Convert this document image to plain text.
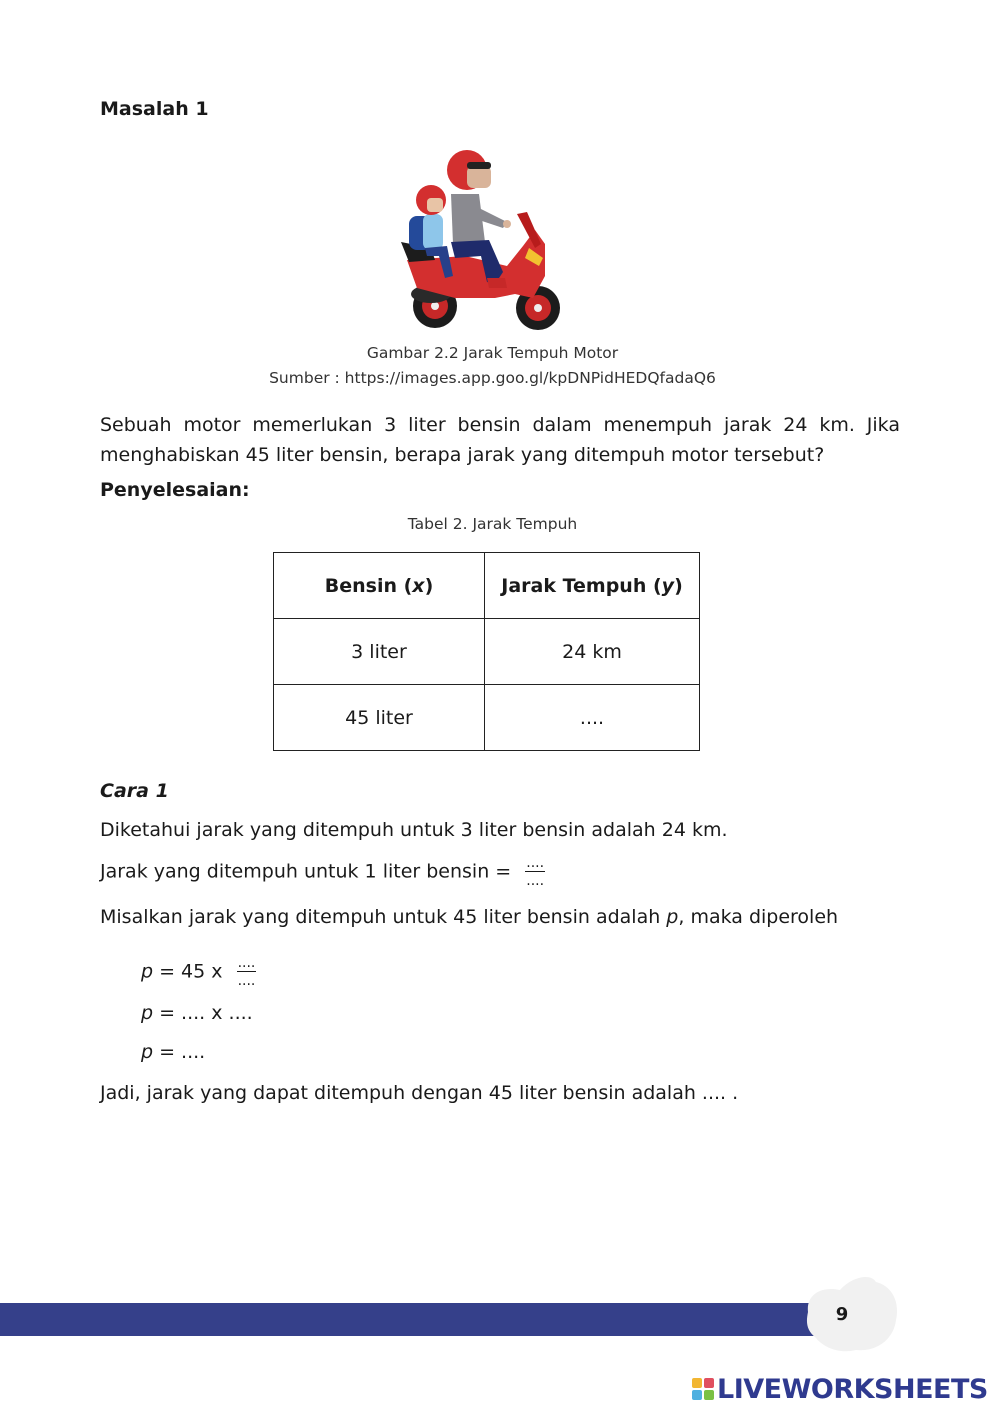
Masalah 1
Gambar 2.2 Jarak Tempuh Motor
Sumber : https://images.app.goo.gl/kpDNPidHEDQfadaQ6
Sebuah motor memerlukan 3 liter bensin dalam menempuh jarak 24 km. Jika menghabiskan 45 liter bensin, berapa jarak yang ditempuh motor tersebut?
Penyelesaian:
Tabel 2. Jarak Tempuh
Bensin (x)	Jarak Tempuh (y)
3 liter	24 km
45 liter	....
Cara 1
Diketahui jarak yang ditempuh untuk 3 liter bensin adalah 24 km.
Jarak yang ditempuh untuk 1 liter $bensin = \frac{....}{....}$
Misalkan jarak yang ditempuh untuk 45 liter bensin adalah p, maka diperoleh
p = 45 x $\frac{....}{....}$
p = .... x ....
p = ....
Jadi, jarak yang dapat ditempuh dengan 45 liter bensin adalah .... .
9
LIVEWORKSHEETS
